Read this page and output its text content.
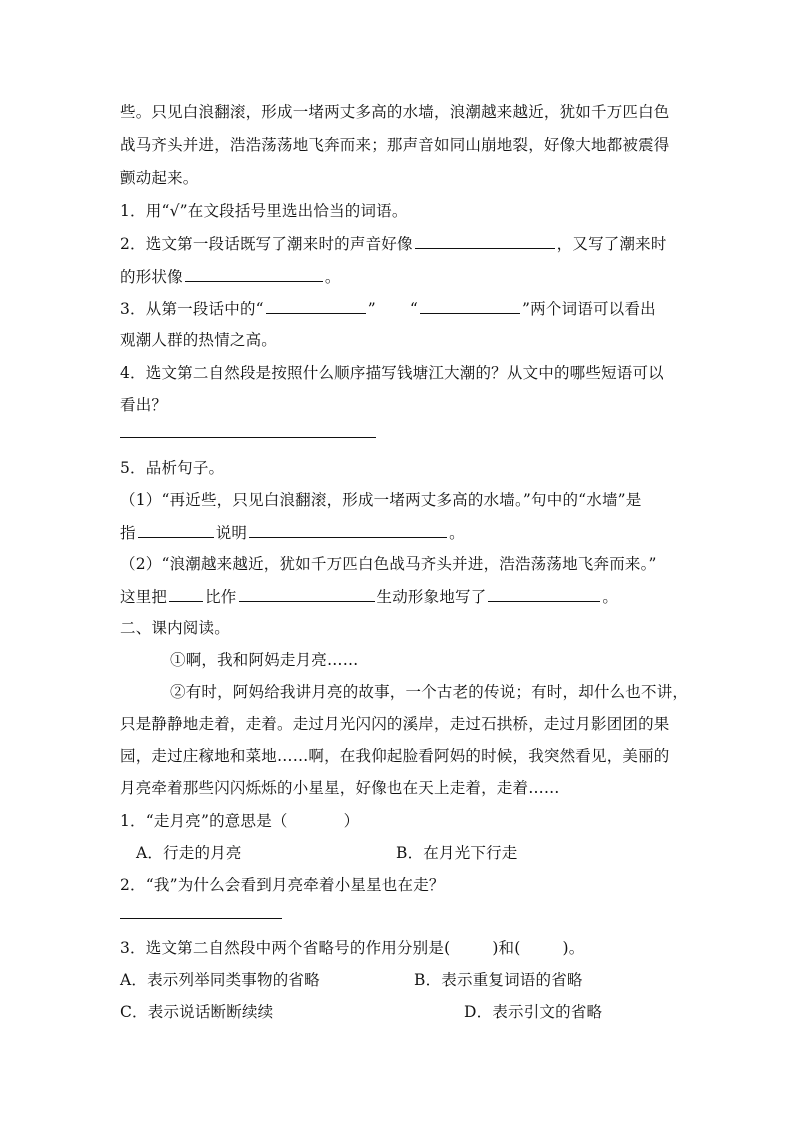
些。只见白浪翻滚，形成一堵两丈多高的水墙，浪潮越来越近，犹如千万匹白色
战马齐头并进，浩浩荡荡地飞奔而来；那声音如同山崩地裂，好像大地都被震得
颤动起来。
1．用“√”在文段括号里选出恰当的词语。
2．选文第一段话既写了潮来时的声音好像	，又写了潮来时
的形状像	。
3．从第一段话中的“	” “	”两个词语可以看出
观潮人群的热情之高。
4．选文第二自然段是按照什么顺序描写钱塘江大潮的？从文中的哪些短语可以
看出？
5．品析句子。
（1）“再近些，只见白浪翻滚，形成一堵两丈多高的水墙。”句中的“水墙”是
指	说明	。
（2）“浪潮越来越近，犹如千万匹白色战马齐头并进，浩浩荡荡地飞奔而来。”
这里把 比作	生动形象地写了	。
二、课内阅读。
①啊，我和阿妈走月亮……
②有时，阿妈给我讲月亮的故事，一个古老的传说；有时，却什么也不讲，
只是静静地走着，走着。走过月光闪闪的溪岸，走过石拱桥，走过月影团团的果
园，走过庄稼地和菜地……啊，在我仰起脸看阿妈的时候，我突然看见，美丽的
月亮牵着那些闪闪烁烁的小星星，好像也在天上走着，走着……
1．“走月亮”的意思是（	）
A．行走的月亮	B．在月光下行走
2．“我”为什么会看到月亮牵着小星星也在走？
3．选文第二自然段中两个省略号的作用分别是(	)和(	)。
A．表示列举同类事物的省略	B．表示重复词语的省略
C．表示说话断断续续	D．表示引文的省略
